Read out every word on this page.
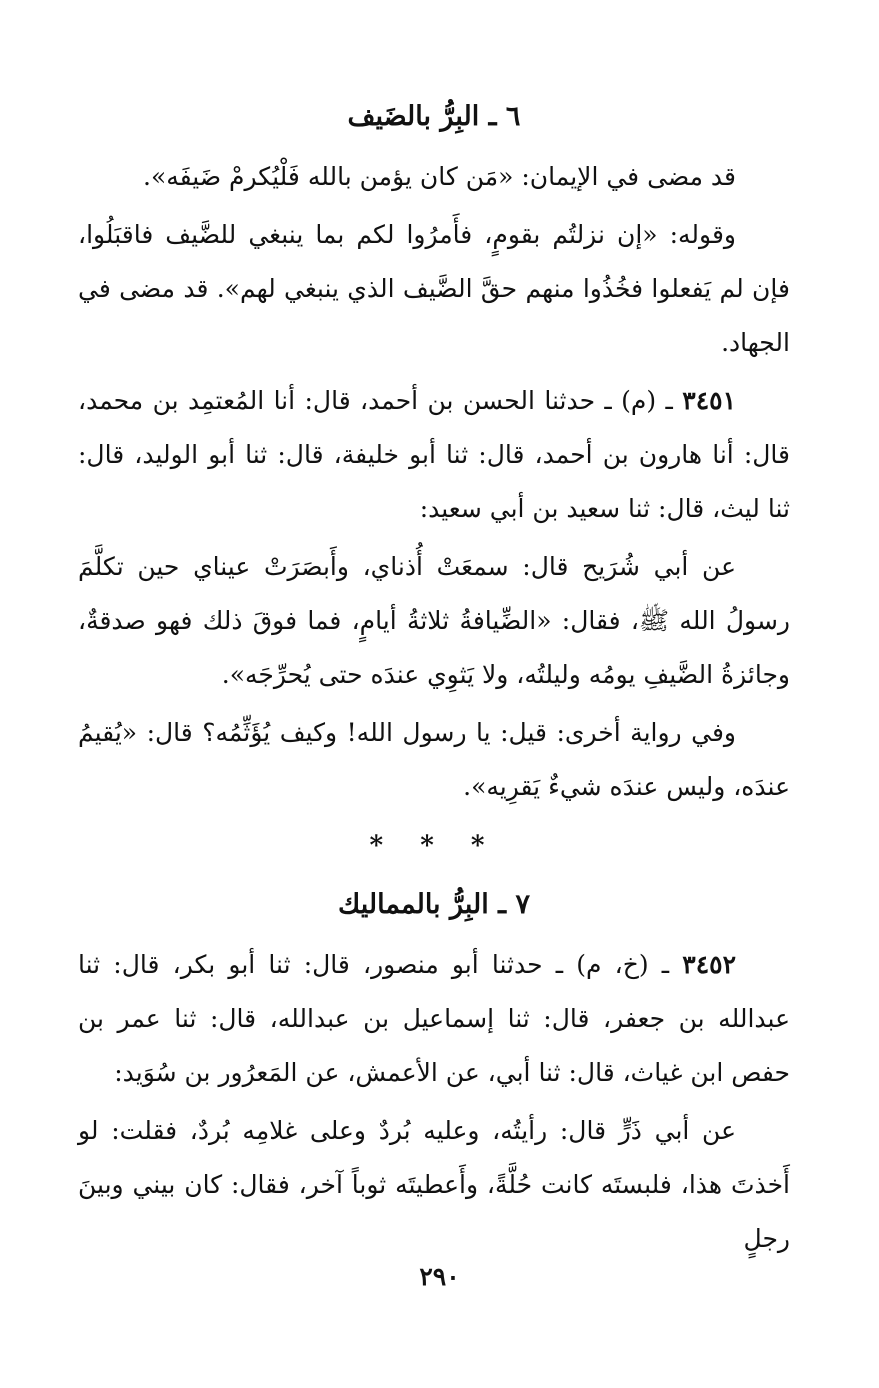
٦ ـ البِرُّ بالضَيف

قد مضى في الإيمان: «مَن كان يؤمن بالله فَلْيُكرمْ ضَيفَه».

وقوله: «إن نزلتُم بقومٍ، فأَمرُوا لكم بما ينبغي للضَّيف فاقبَلُوا، فإن لم يَفعلوا فخُذُوا منهم حقَّ الضَّيف الذي ينبغي لهم». قد مضى في الجهاد.

٣٤٥١ ـ (م) ـ حدثنا الحسن بن أحمد، قال: أنا المُعتمِد بن محمد، قال: أنا هارون بن أحمد، قال: ثنا أبو خليفة، قال: ثنا أبو الوليد، قال: ثنا ليث، قال: ثنا سعيد بن أبي سعيد:

عن أبي شُرَيح قال: سمعَتْ أُذناي، وأَبصَرَتْ عيناي حين تكلَّمَ رسولُ الله ﷺ، فقال: «الضِّيافةُ ثلاثةُ أيامٍ، فما فوقَ ذلك فهو صدقةٌ، وجائزةُ الضَّيفِ يومُه وليلتُه، ولا يَثوِي عندَه حتى يُحرِّجَه».

وفي رواية أخرى: قيل: يا رسول الله! وكيف يُؤَثِّمُه؟ قال: «يُقيمُ عندَه، وليس عندَه شيءٌ يَقرِيه».

* * *
٧ ـ البِرُّ بالمماليك

٣٤٥٢ ـ (خ، م) ـ حدثنا أبو منصور، قال: ثنا أبو بكر، قال: ثنا عبدالله بن جعفر، قال: ثنا إسماعيل بن عبدالله، قال: ثنا عمر بن حفص ابن غياث، قال: ثنا أبي، عن الأعمش، عن المَعرُور بن سُوَيد:

عن أبي ذَرٍّ قال: رأيتُه، وعليه بُردٌ وعلى غلامِه بُردٌ، فقلت: لو أَخذتَ هذا، فلبستَه كانت حُلَّةً، وأَعطيتَه ثوباً آخر، فقال: كان بيني وبينَ رجلٍ

٢٩٠
